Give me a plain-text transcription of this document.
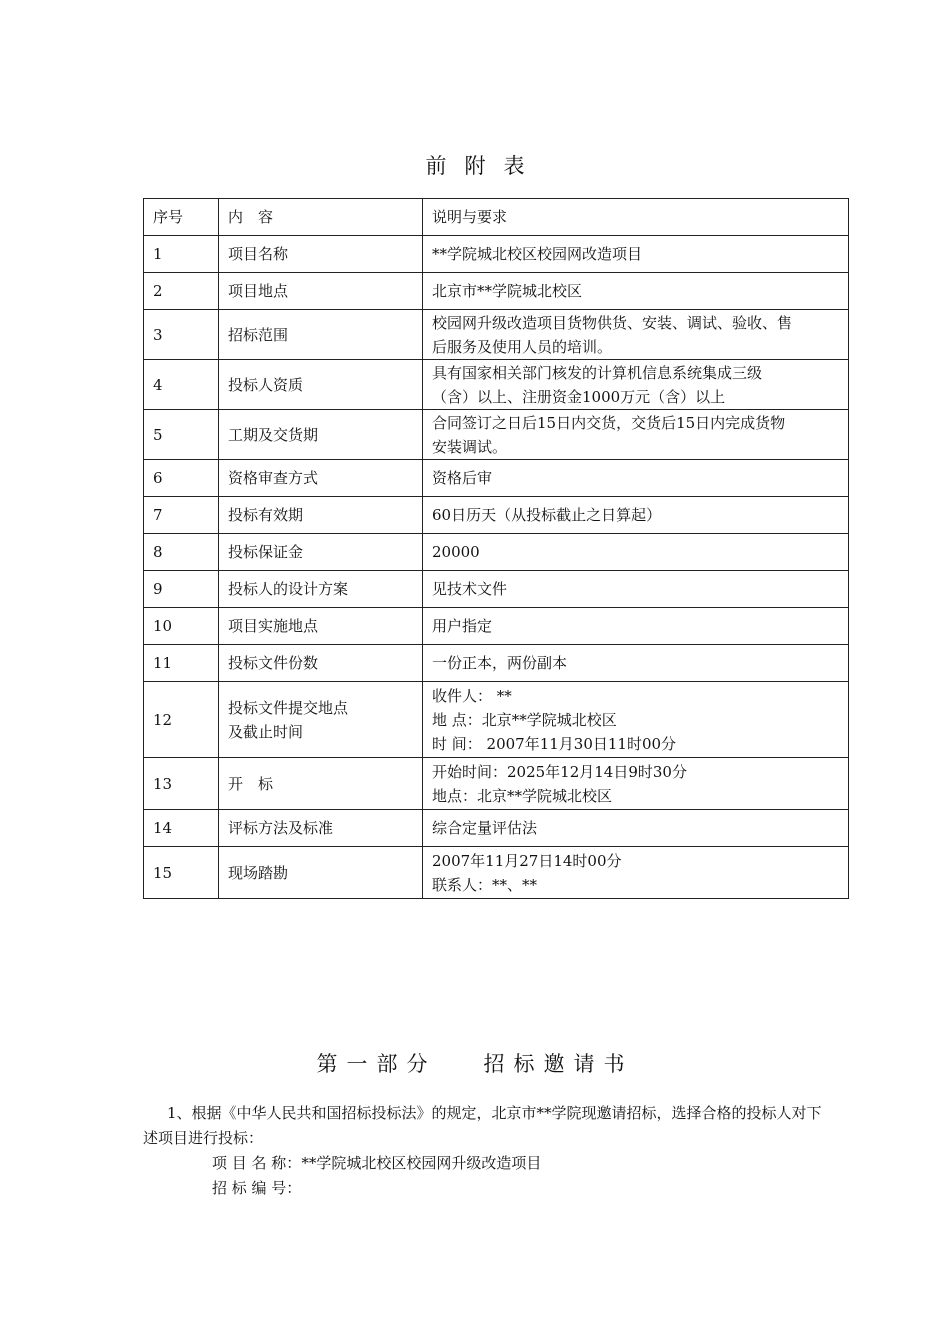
前附表
序号	内　容	说明与要求
1	项目名称	**学院城北校区校园网改造项目

2	项目地点	北京市**学院城北校区

3	招标范围	校园网升级改造项目货物供货、安装、调试、验收、售
后服务及使用人员的培训。

4	投标人资质	具有国家相关部门核发的计算机信息系统集成三级
（含）以上、注册资金1000万元（含）以上

5	工期及交货期	合同签订之日后15日内交货，交货后15日内完成货物
安装调试。

6	资格审查方式	资格后审

7	投标有效期	60日历天（从投标截止之日算起）

8	投标保证金	20000

9	投标人的设计方案	见技术文件

10	项目实施地点	用户指定

11	投标文件份数	一份正本，两份副本

12	投标文件提交地点
及截止时间	收件人： **
地 点：北京**学院城北校区
时 间： 2007年11月30日11时00分

13	开　标	开始时间：2025年12月14日9时30分
地点：北京**学院城北校区

14	评标方法及标准	综合定量评估法

15	现场踏勘	2007年11月27日14时00分
联系人：**、**
第一部分   招标邀请书
1、根据《中华人民共和国招标投标法》的规定，北京市**学院现邀请招标，选择合格的投标人对下述项目进行投标：
项 目 名 称：**学院城北校区校园网升级改造项目
招 标 编 号：
